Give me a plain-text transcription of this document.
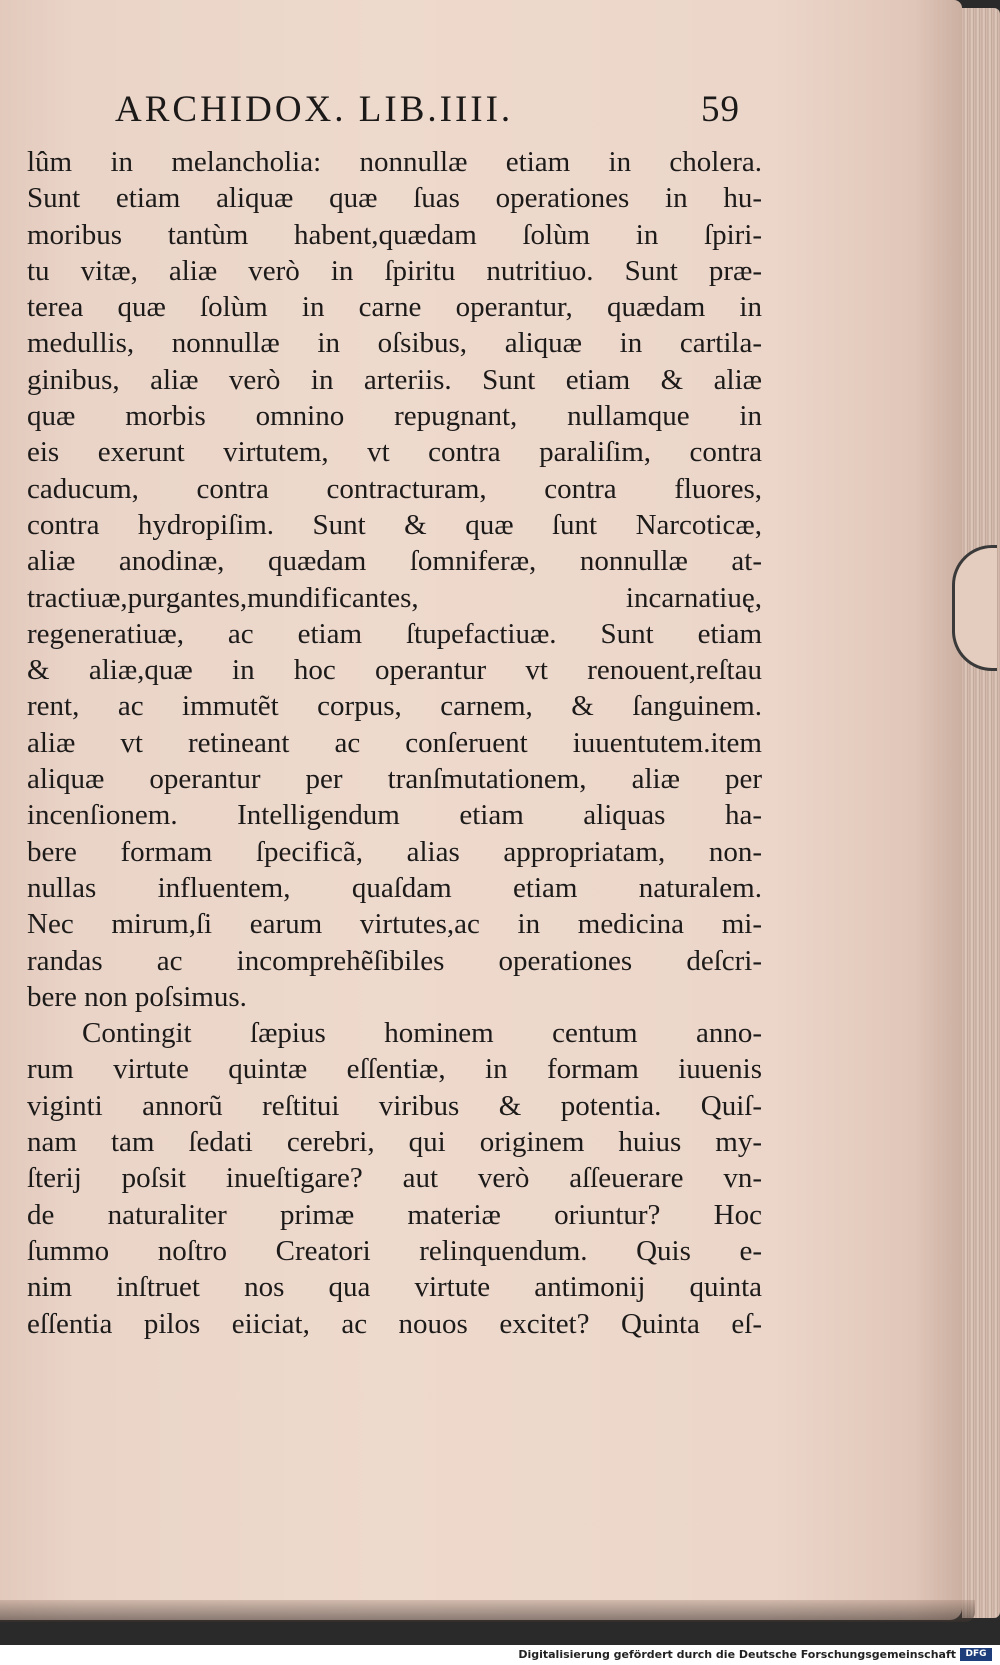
ARCHIDOX. LIB.IIII.	59
lûm in melancholia: nonnullæ etiam in cholera.
Sunt etiam aliquæ quæ ſuas operationes in hu-
moribus tantùm habent,quædam ſolùm in ſpiri-
tu vitæ, aliæ verò in ſpiritu nutritiuo. Sunt præ-
terea quæ ſolùm in carne operantur, quædam in
medullis, nonnullæ in oſsibus, aliquæ in cartila-
ginibus, aliæ verò in arteriis. Sunt etiam & aliæ
quæ morbis omnino repugnant, nullamque in
eis exerunt virtutem, vt contra paraliſim, contra
caducum, contra contracturam, contra fluores,
contra hydropiſim. Sunt & quæ ſunt Narcoticæ,
aliæ anodinæ, quædam ſomniferæ, nonnullæ at-
tractiuæ,purgantes,mundificantes, incarnatiuę,
regeneratiuæ, ac etiam ſtupefactiuæ. Sunt etiam
& aliæ,quæ in hoc operantur vt renouent,reſtau
rent, ac immutẽt corpus, carnem, & ſanguinem.
aliæ vt retineant ac conſeruent iuuentutem.item
aliquæ operantur per tranſmutationem, aliæ per
incenſionem. Intelligendum etiam aliquas ha-
bere formam ſpecificã, alias appropriatam, non-
nullas influentem, quaſdam etiam naturalem.
Nec mirum,ſi earum virtutes,ac in medicina mi-
randas ac incomprehẽſibiles operationes deſcri-
bere non poſsimus.
Contingit ſæpius hominem centum anno-
rum virtute quintæ eſſentiæ, in formam iuuenis
viginti annorũ reſtitui viribus & potentia. Quiſ-
nam tam ſedati cerebri, qui originem huius my-
ſterij poſsit inueſtigare? aut verò aſſeuerare vn-
de naturaliter primæ materiæ oriuntur? Hoc
ſummo noſtro Creatori relinquendum. Quis e-
nim inſtruet nos qua virtute antimonij quinta
eſſentia pilos eiiciat, ac nouos excitet? Quinta eſ-
Digitalisierung gefördert durch die Deutsche Forschungsgemeinschaft	DFG
